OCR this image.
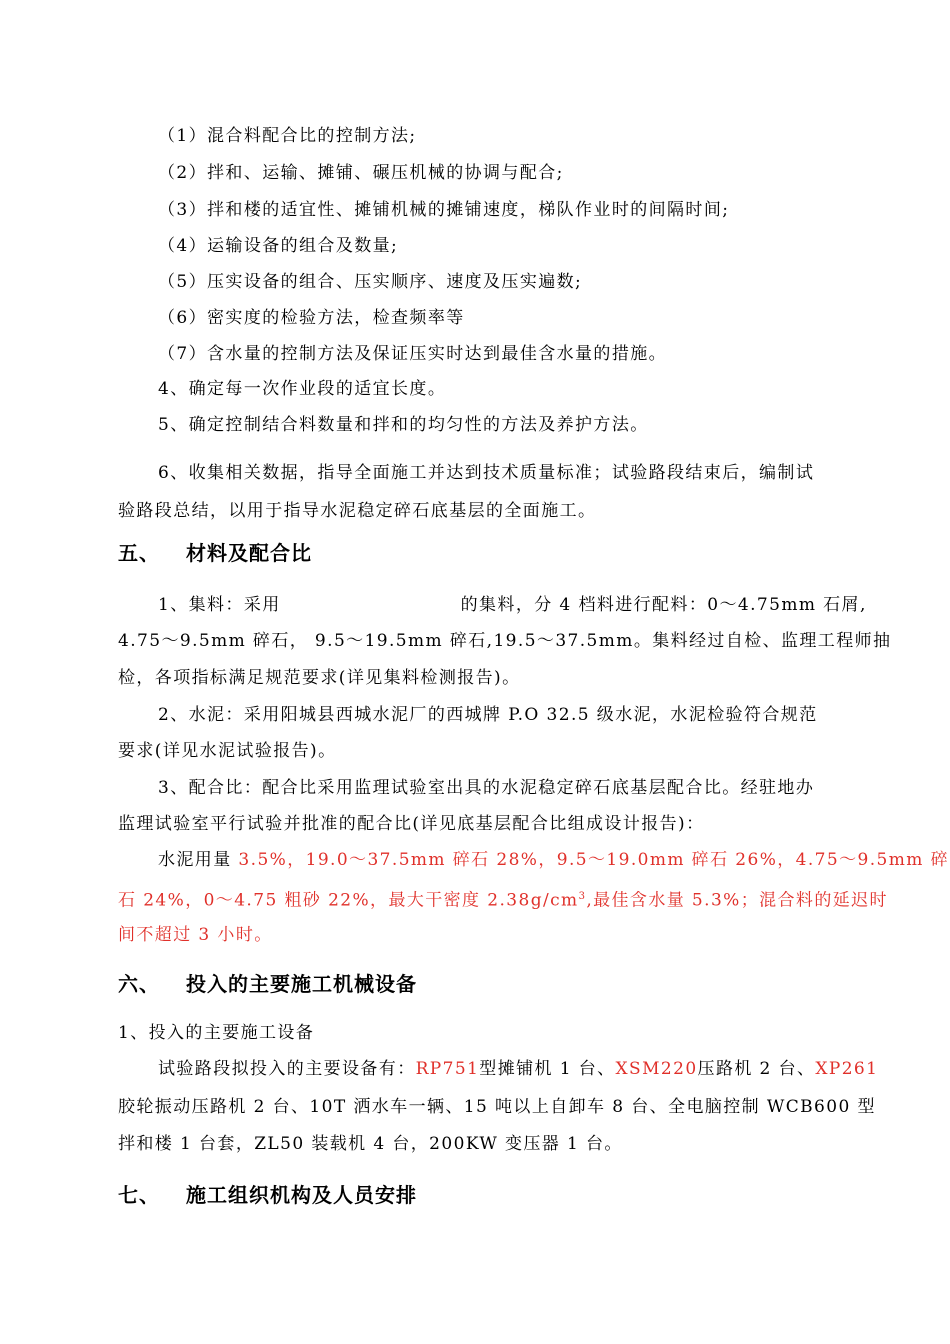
（1）混合料配合比的控制方法;
（2）拌和、运输、摊铺、碾压机械的协调与配合;
（3）拌和楼的适宜性、摊铺机械的摊铺速度，梯队作业时的间隔时间;
（4）运输设备的组合及数量;
（5）压实设备的组合、压实顺序、速度及压实遍数;
（6）密实度的检验方法，检查频率等
（7）含水量的控制方法及保证压实时达到最佳含水量的措施。
4、确定每一次作业段的适宜长度。
5、确定控制结合料数量和拌和的均匀性的方法及养护方法。
6、收集相关数据，指导全面施工并达到技术质量标准；试验路段结束后，编制试
验路段总结，以用于指导水泥稳定碎石底基层的全面施工。
五、 材料及配合比
1、集料：采用	的集料，分 4 档料进行配料：0～4.75mm 石屑,
4.75～9.5mm 碎石， 9.5～19.5mm 碎石,19.5～37.5mm。集料经过自检、监理工程师抽
检，各项指标满足规范要求(详见集料检测报告)。
2、水泥：采用阳城县西城水泥厂的西城牌 P.O 32.5 级水泥，水泥检验符合规范
要求(详见水泥试验报告)。
3、配合比：配合比采用监理试验室出具的水泥稳定碎石底基层配合比。经驻地办
监理试验室平行试验并批准的配合比(详见底基层配合比组成设计报告)：
水泥用量 3.5%，19.0～37.5mm 碎石 28%，9.5～19.0mm 碎石 26%，4.75～9.5mm 碎
石 24%，0～4.75 粗砂 22%，最大干密度 $2.38g/cm^3$,最佳含水量 5.3%；混合料的延迟时
间不超过 3 小时。
六、 投入的主要施工机械设备
1、投入的主要施工设备
试验路段拟投入的主要设备有：RP751型摊铺机 1 台、XSM220压路机 2 台、XP261
胶轮振动压路机 2 台、10T 洒水车一辆、15 吨以上自卸车 8 台、全电脑控制 WCB600 型
拌和楼 1 台套，ZL50 装载机 4 台，200KW 变压器 1 台。
七、 施工组织机构及人员安排
